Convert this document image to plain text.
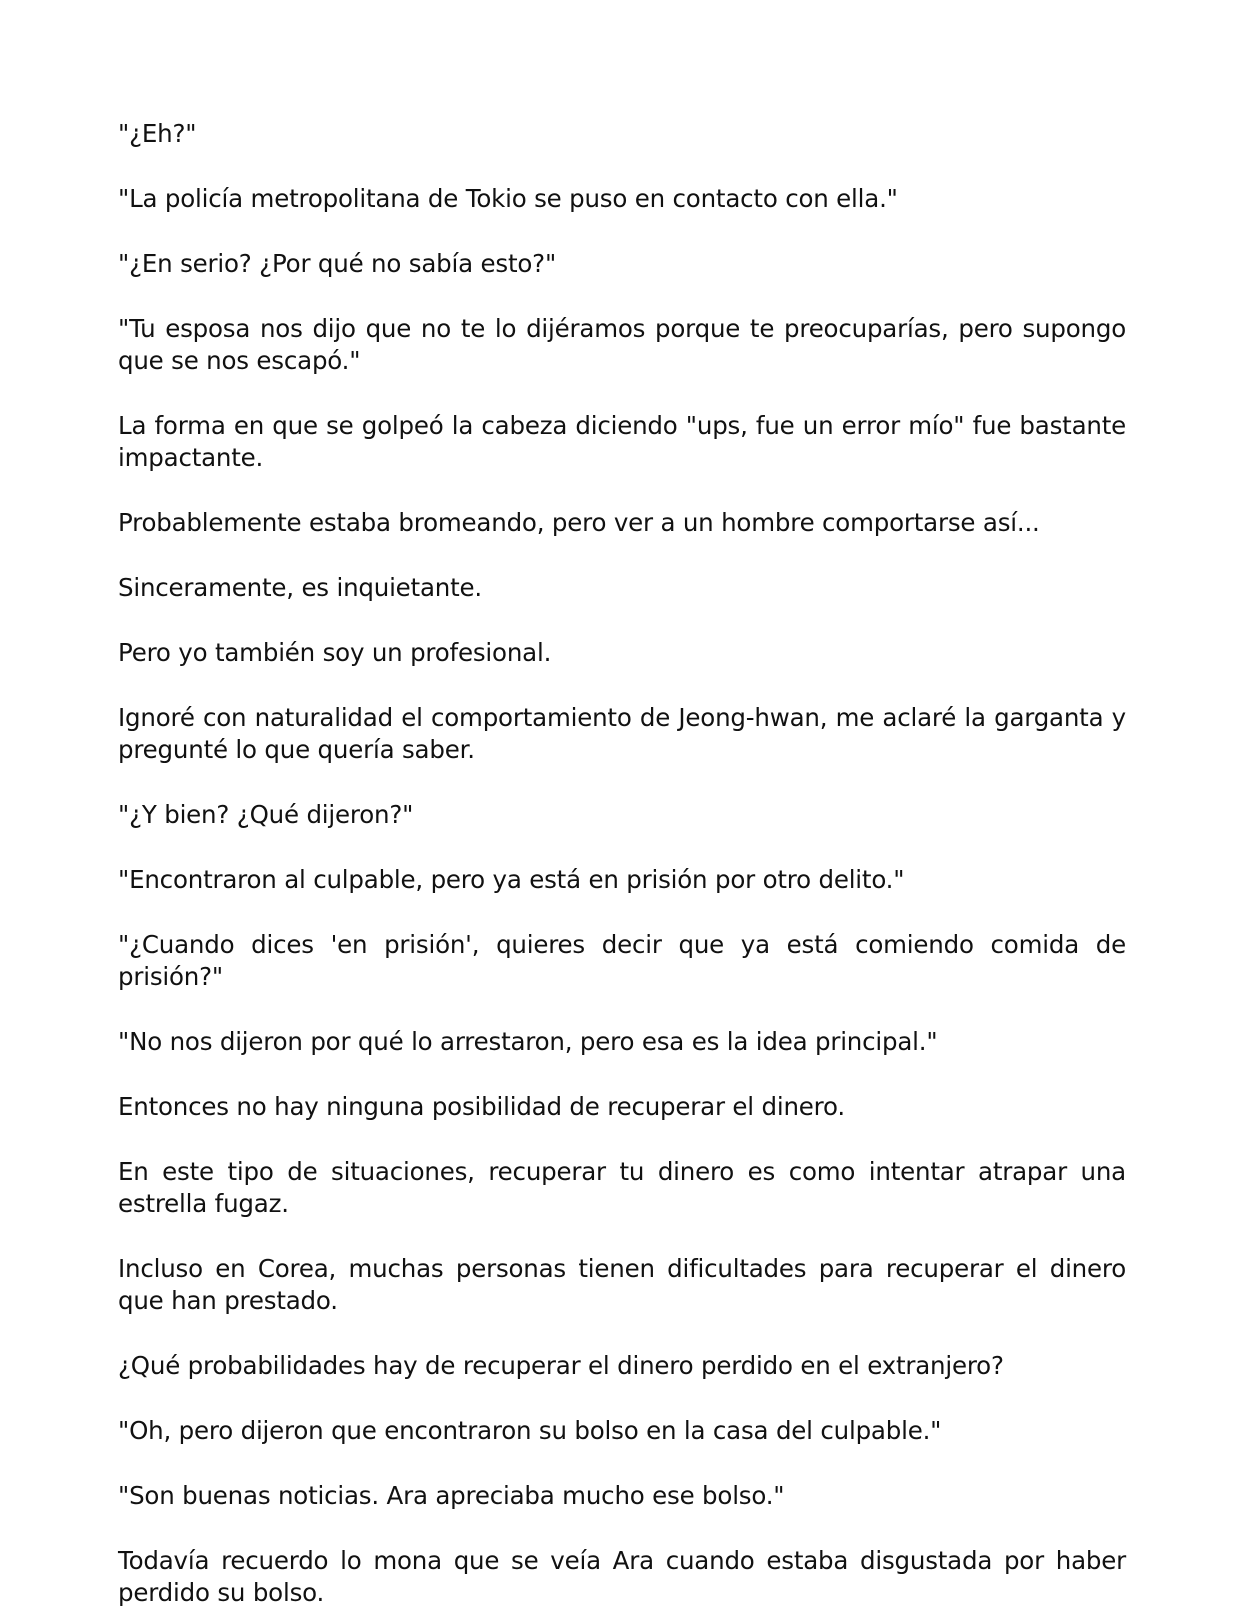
"¿Eh?"

"La policía metropolitana de Tokio se puso en contacto con ella."

"¿En serio? ¿Por qué no sabía esto?"

"Tu esposa nos dijo que no te lo dijéramos porque te preocuparías, pero supongo que se nos escapó."

La forma en que se golpeó la cabeza diciendo "ups, fue un error mío" fue bastante impactante.

Probablemente estaba bromeando, pero ver a un hombre comportarse así...

Sinceramente, es inquietante.

Pero yo también soy un profesional.

Ignoré con naturalidad el comportamiento de Jeong-hwan, me aclaré la garganta y pregunté lo que quería saber.

"¿Y bien? ¿Qué dijeron?"

"Encontraron al culpable, pero ya está en prisión por otro delito."

"¿Cuando dices 'en prisión', quieres decir que ya está comiendo comida de prisión?"

"No nos dijeron por qué lo arrestaron, pero esa es la idea principal."

Entonces no hay ninguna posibilidad de recuperar el dinero.

En este tipo de situaciones, recuperar tu dinero es como intentar atrapar una estrella fugaz.

Incluso en Corea, muchas personas tienen dificultades para recuperar el dinero que han prestado.

¿Qué probabilidades hay de recuperar el dinero perdido en el extranjero?

"Oh, pero dijeron que encontraron su bolso en la casa del culpable."

"Son buenas noticias. Ara apreciaba mucho ese bolso."

Todavía recuerdo lo mona que se veía Ara cuando estaba disgustada por haber perdido su bolso.
